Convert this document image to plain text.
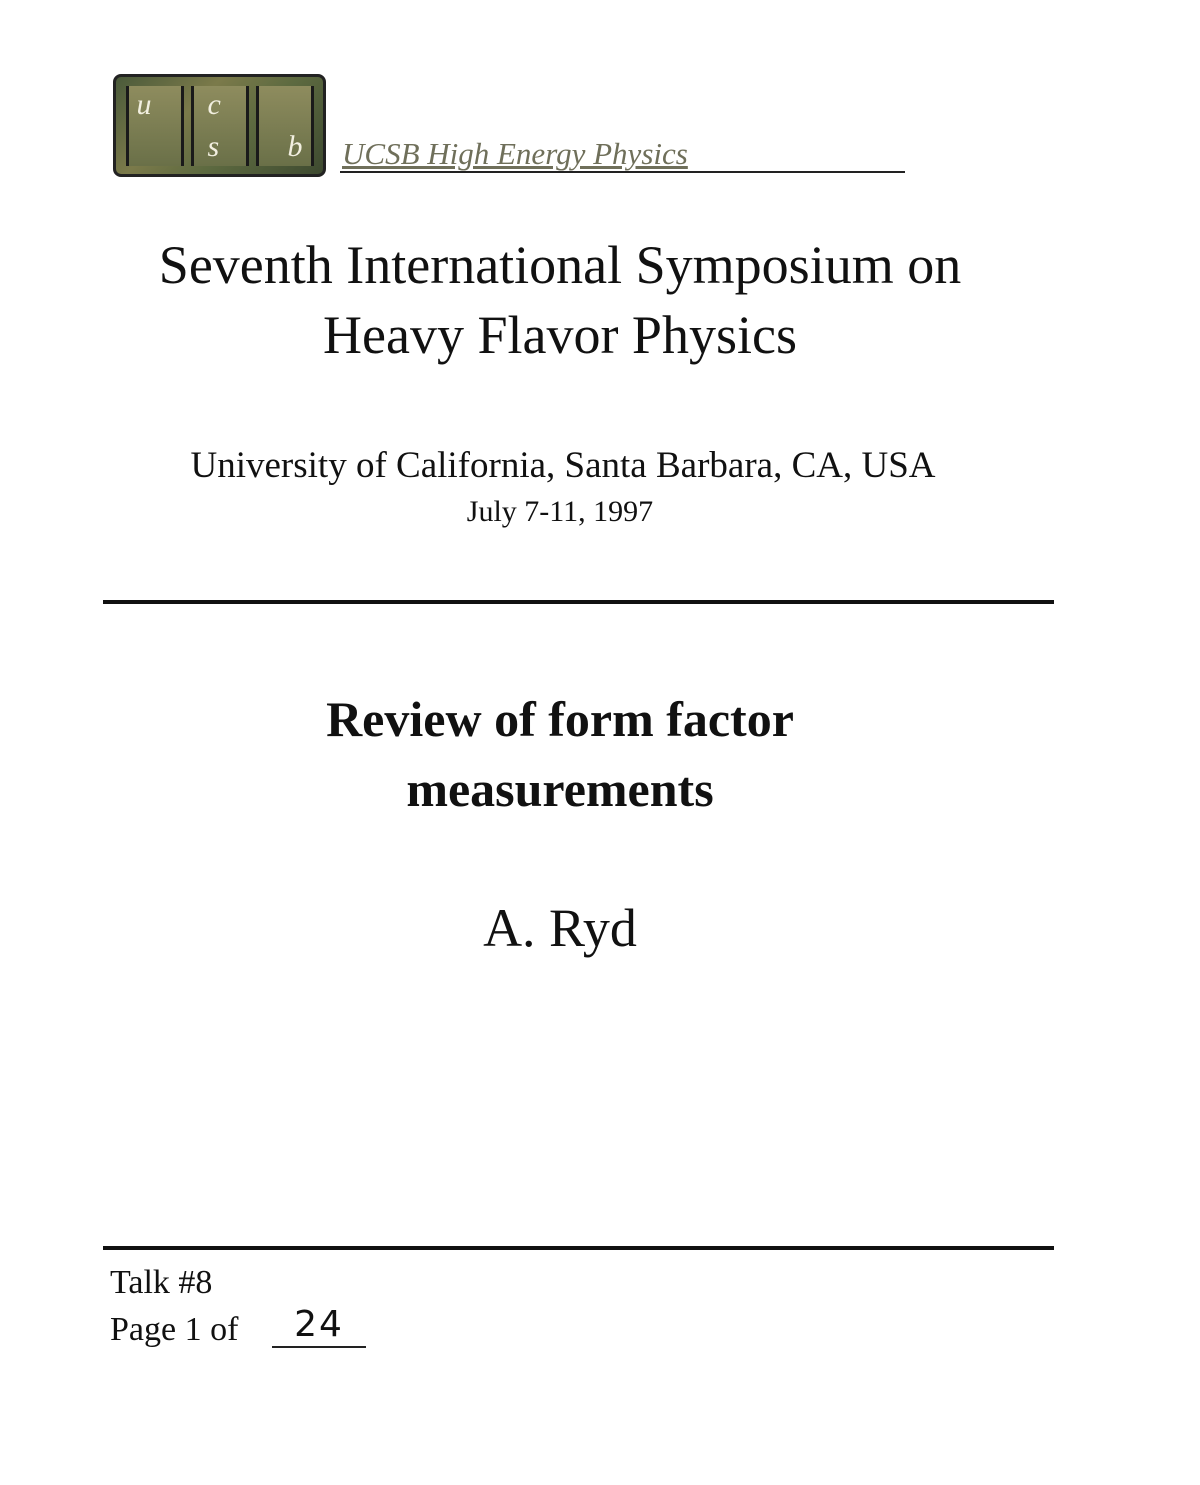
u c
s b UCSB High Energy Physics
Seventh International Symposium on
Heavy Flavor Physics
University of California, Santa Barbara, CA, USA
July 7-11, 1997
Review of form factor
measurements
A. Ryd
Talk #8
Page 1 of	24
